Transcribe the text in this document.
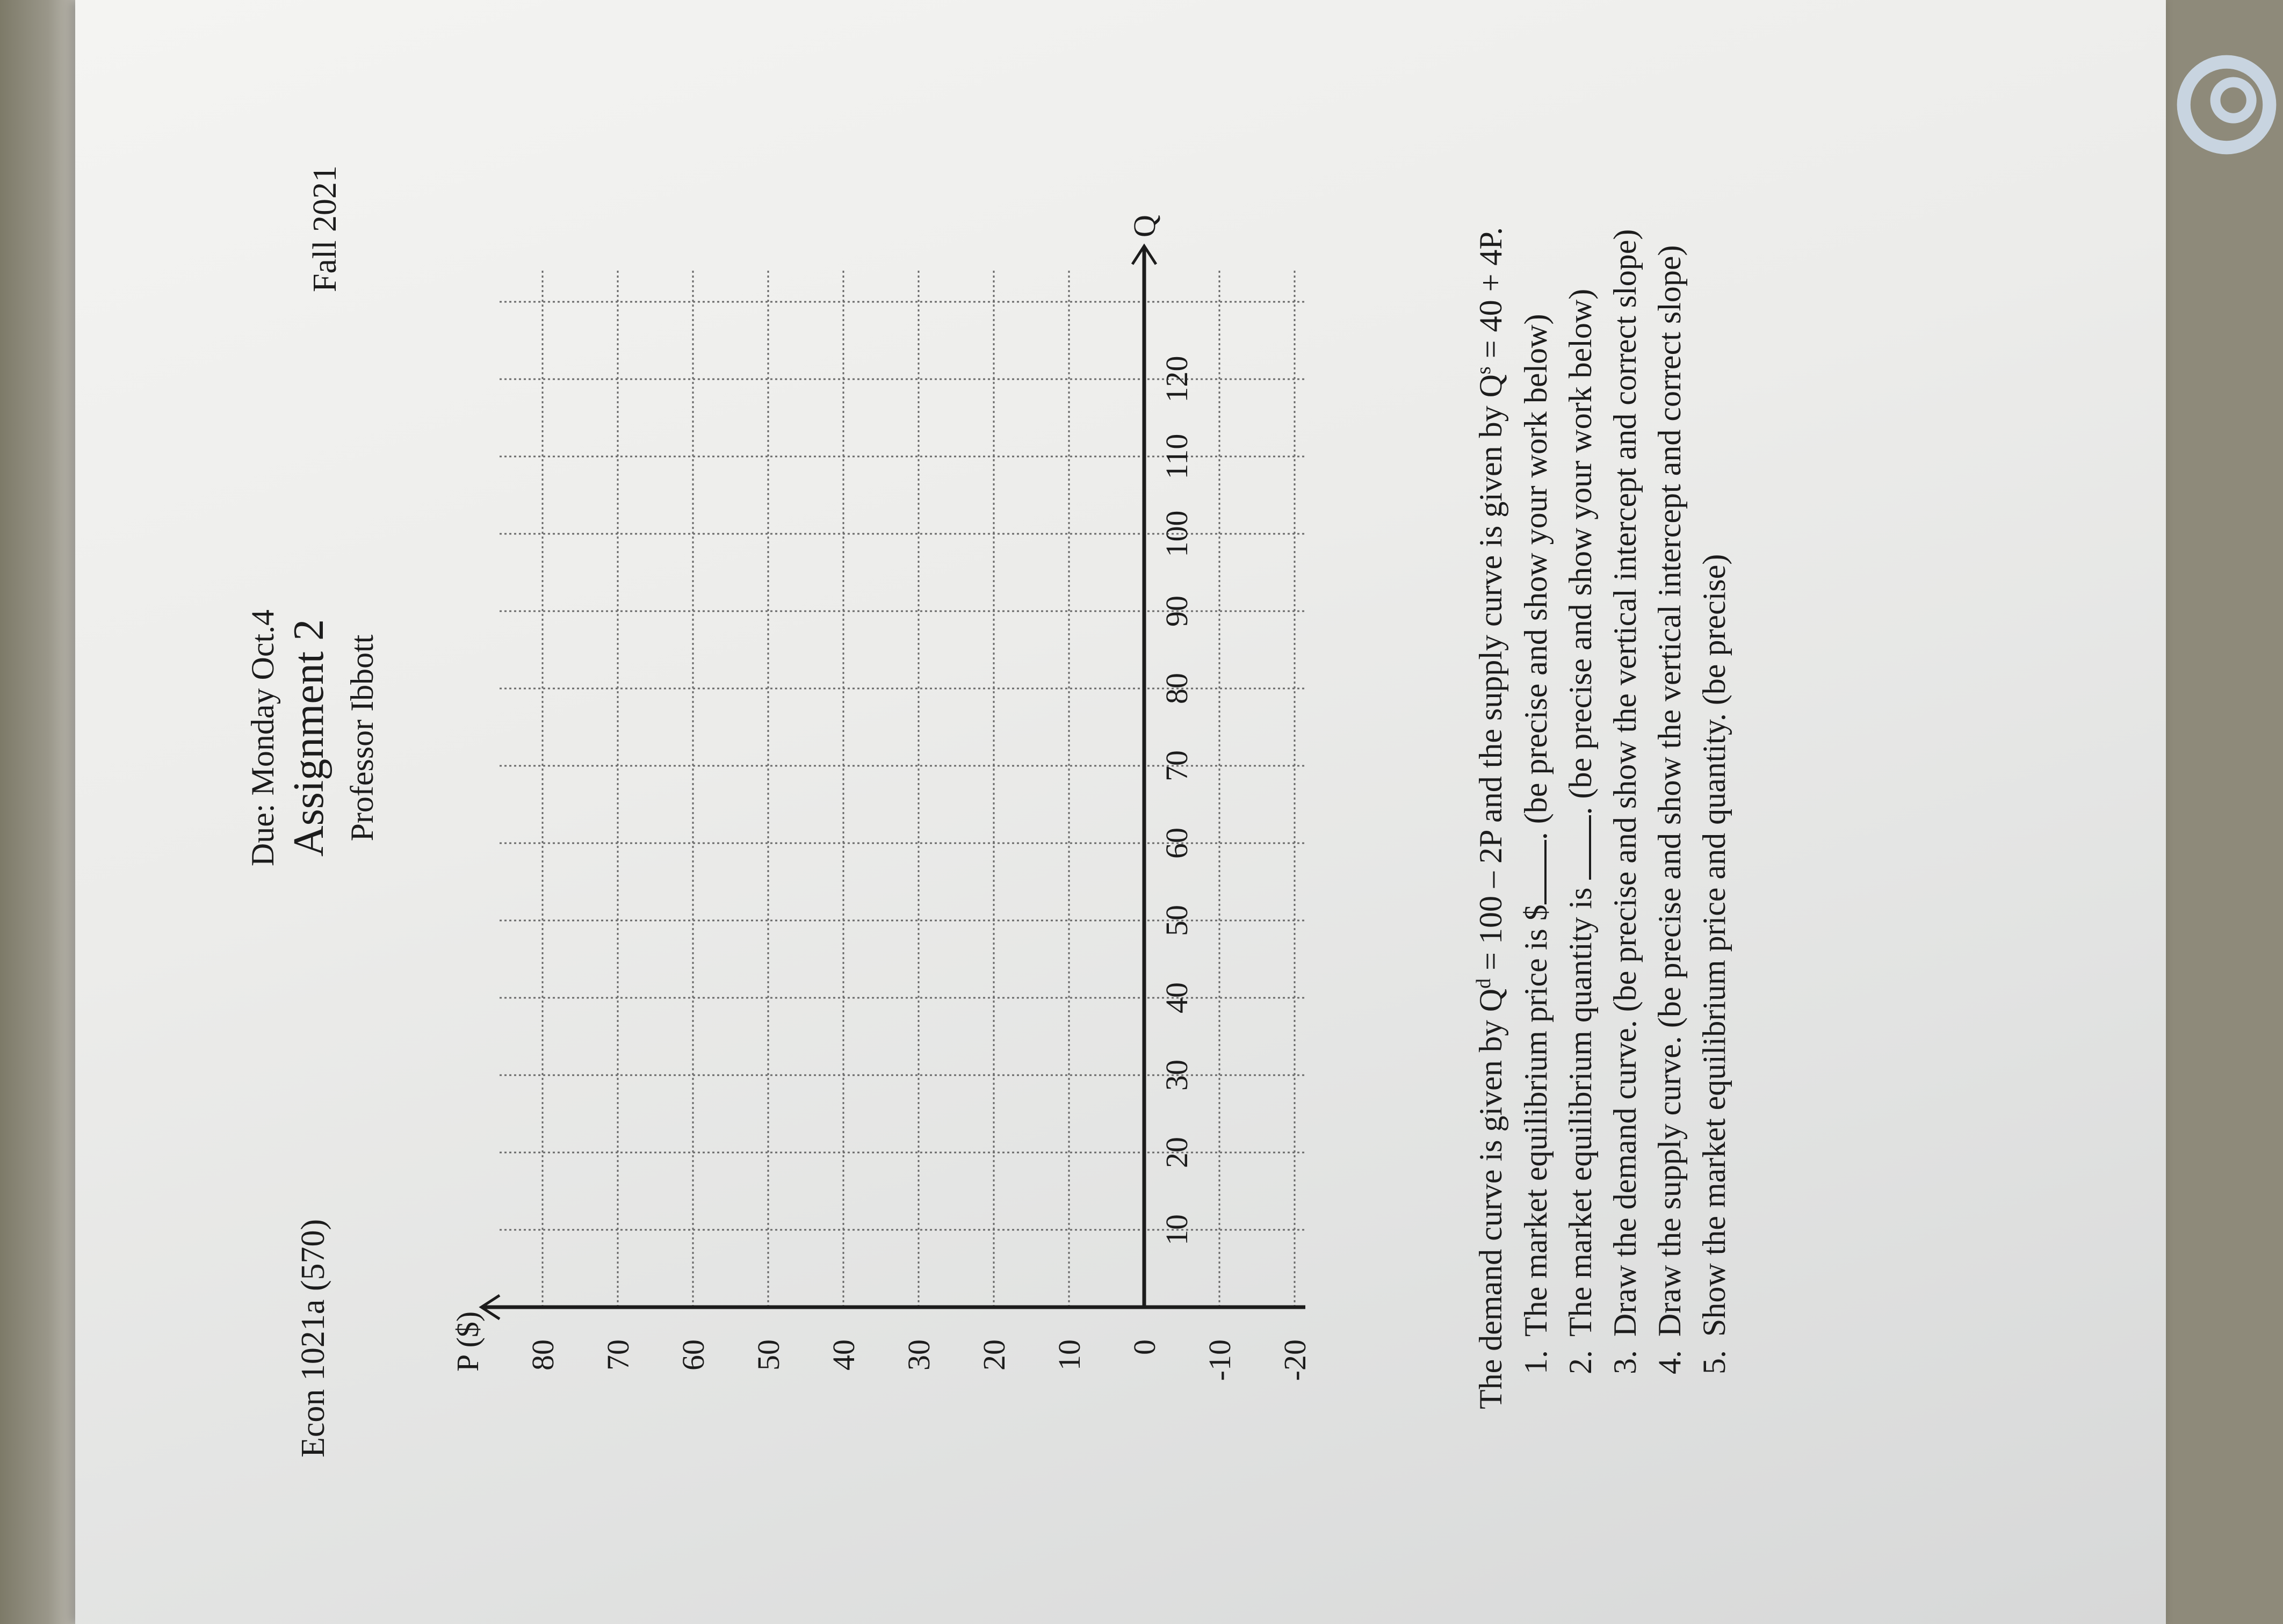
Econ 1021a (570)
Due: Monday Oct.4 Assignment 2 Professor Ibbott
Fall 2021
P ($)
Q
80 70 60 50 40 30 20 10 0 -10 -20
10
20
30
40
50
60
70
80
90
100
110
120
The demand curve is given by $Q^d = 100 - 2P$ and the supply curve is given by $Q^s = 40 + 4P$.
1.The market equilibrium price is $. (be precise and show your work below)
2.The market equilibrium quantity is . (be precise and show your work below)
3.Draw the demand curve. (be precise and show the vertical intercept and correct slope)
4.Draw the supply curve. (be precise and show the vertical intercept and correct slope)
5.Show the market equilibrium price and quantity. (be precise)
